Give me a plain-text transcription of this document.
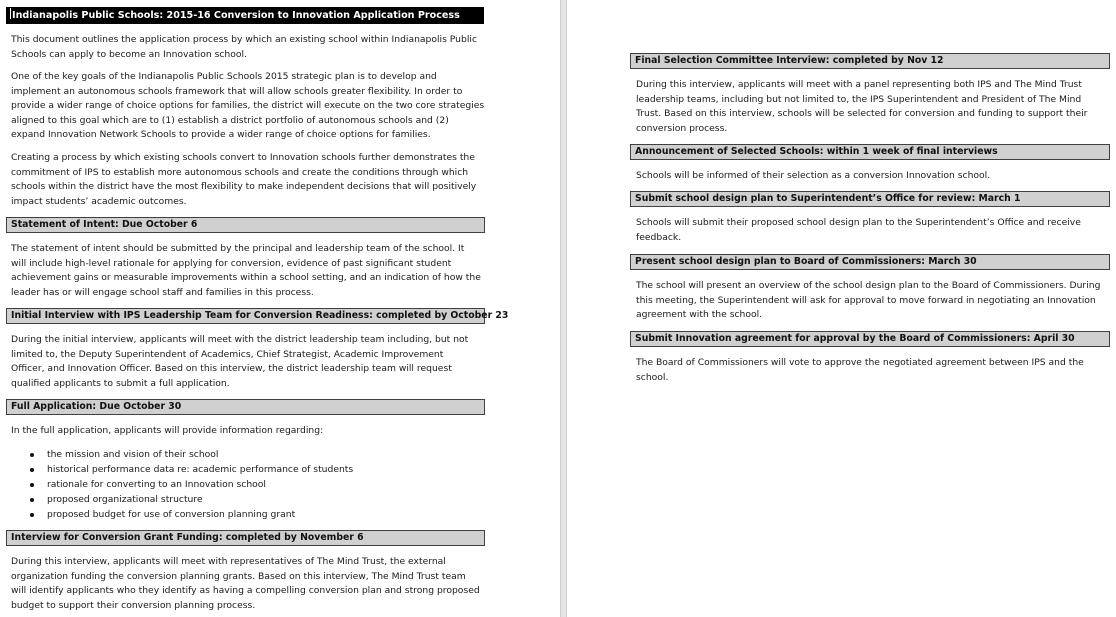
Indianapolis Public Schools: 2015-16 Conversion to Innovation Application Process

This document outlines the application process by which an existing school within Indianapolis Public Schools can apply to become an Innovation school.

One of the key goals of the Indianapolis Public Schools 2015 strategic plan is to develop and implement an autonomous schools framework that will allow schools greater flexibility. In order to provide a wider range of choice options for families, the district will execute on the two core strategies aligned to this goal which are to (1) establish a district portfolio of autonomous schools and (2) expand Innovation Network Schools to provide a wider range of choice options for families.

Creating a process by which existing schools convert to Innovation schools further demonstrates the commitment of IPS to establish more autonomous schools and create the conditions through which schools within the district have the most flexibility to make independent decisions that will positively impact students’ academic outcomes.

Statement of Intent: Due October 6

The statement of intent should be submitted by the principal and leadership team of the school. It will include high-level rationale for applying for conversion, evidence of past significant student achievement gains or measurable improvements within a school setting, and an indication of how the leader has or will engage school staff and families in this process.

Initial Interview with IPS Leadership Team for Conversion Readiness: completed by October 23

During the initial interview, applicants will meet with the district leadership team including, but not limited to, the Deputy Superintendent of Academics, Chief Strategist, Academic Improvement Officer, and Innovation Officer. Based on this interview, the district leadership team will request qualified applicants to submit a full application.

Full Application: Due October 30

In the full application, applicants will provide information regarding:

the mission and vision of their school
historical performance data re: academic performance of students
rationale for converting to an Innovation school
proposed organizational structure
proposed budget for use of conversion planning grant
Interview for Conversion Grant Funding: completed by November 6

During this interview, applicants will meet with representatives of The Mind Trust, the external organization funding the conversion planning grants. Based on this interview, The Mind Trust team will identify applicants who they identify as having a compelling conversion plan and strong proposed budget to support their conversion planning process.

Final Selection Committee Interview: completed by Nov 12

During this interview, applicants will meet with a panel representing both IPS and The Mind Trust leadership teams, including but not limited to, the IPS Superintendent and President of The Mind Trust. Based on this interview, schools will be selected for conversion and funding to support their conversion process.

Announcement of Selected Schools: within 1 week of final interviews

Schools will be informed of their selection as a conversion Innovation school.

Submit school design plan to Superintendent’s Office for review: March 1

Schools will submit their proposed school design plan to the Superintendent’s Office and receive feedback.

Present school design plan to Board of Commissioners: March 30

The school will present an overview of the school design plan to the Board of Commissioners. During this meeting, the Superintendent will ask for approval to move forward in negotiating an Innovation agreement with the school.

Submit Innovation agreement for approval by the Board of Commissioners: April 30

The Board of Commissioners will vote to approve the negotiated agreement between IPS and the school.
